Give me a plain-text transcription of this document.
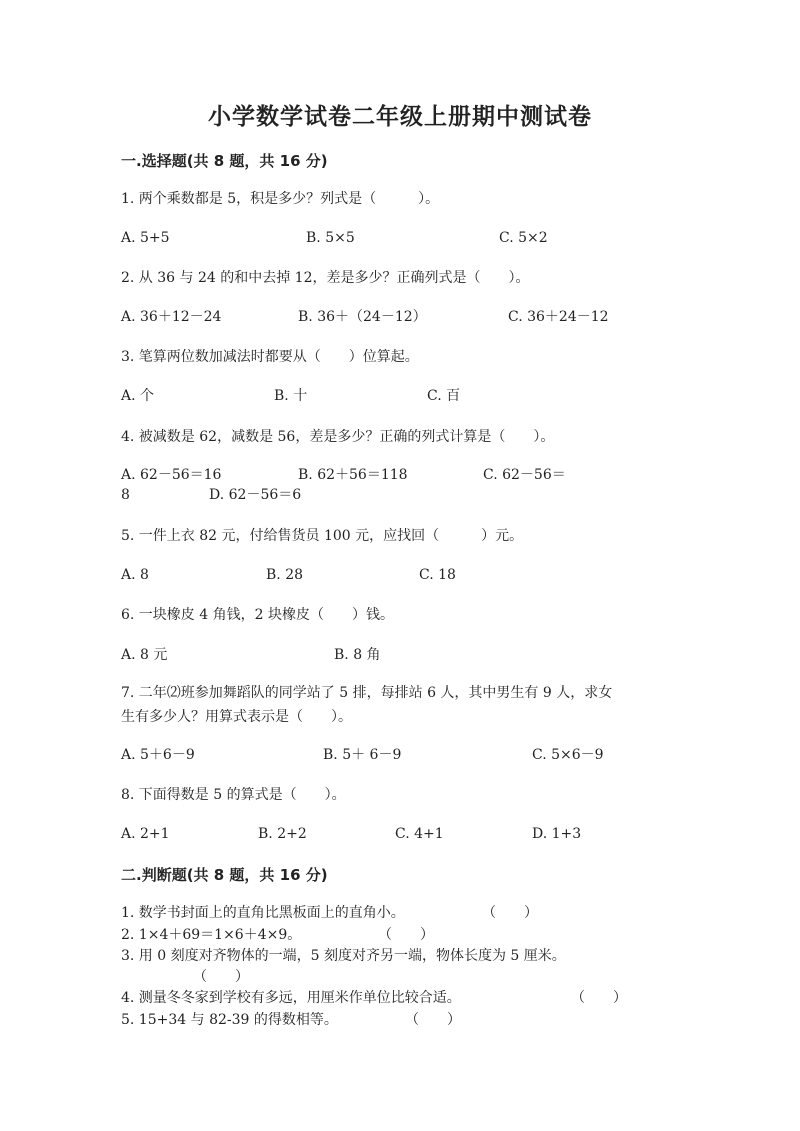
小学数学试卷二年级上册期中测试卷
一.选择题(共 8 题，共 16 分)
1. 两个乘数都是 5，积是多少？列式是（　　　）。
A. 5+5	B. 5×5	C. 5×2
2. 从 36 与 24 的和中去掉 12，差是多少？正确列式是（　　）。
A. 36＋12－24	B. 36＋（24－12）	C. 36＋24－12
3. 笔算两位数加减法时都要从（　　）位算起。
A. 个	B. 十	C. 百
4. 被减数是 62，减数是 56，差是多少？正确的列式计算是（　　）。
A. 62－56＝16	B. 62＋56＝118	C. 62－56＝
8	D. 62－56＝6
5. 一件上衣 82 元，付给售货员 100 元，应找回（　　　）元。
A. 8	B. 28	C. 18
6. 一块橡皮 4 角钱，2 块橡皮（　　）钱。
A. 8 元	B. 8 角
7. 二年⑵班参加舞蹈队的同学站了 5 排，每排站 6 人，其中男生有 9 人，求女
生有多少人？用算式表示是（　　）。
A. 5＋6－9	B. 5＋ 6－9	C. 5×6－9
8. 下面得数是 5 的算式是（　　）。
A. 2+1	B. 2+2	C. 4+1	D. 1+3
二.判断题(共 8 题，共 16 分)
1. 数学书封面上的直角比黑板面上的直角小。	（　　）
2. 1×4＋69＝1×6＋4×9。	（　　）
3. 用 0 刻度对齐物体的一端，5 刻度对齐另一端，物体长度为 5 厘米。
（　　）
4. 测量冬冬家到学校有多远，用厘米作单位比较合适。	（　　）
5. 15+34 与 82-39 的得数相等。	（　　）
